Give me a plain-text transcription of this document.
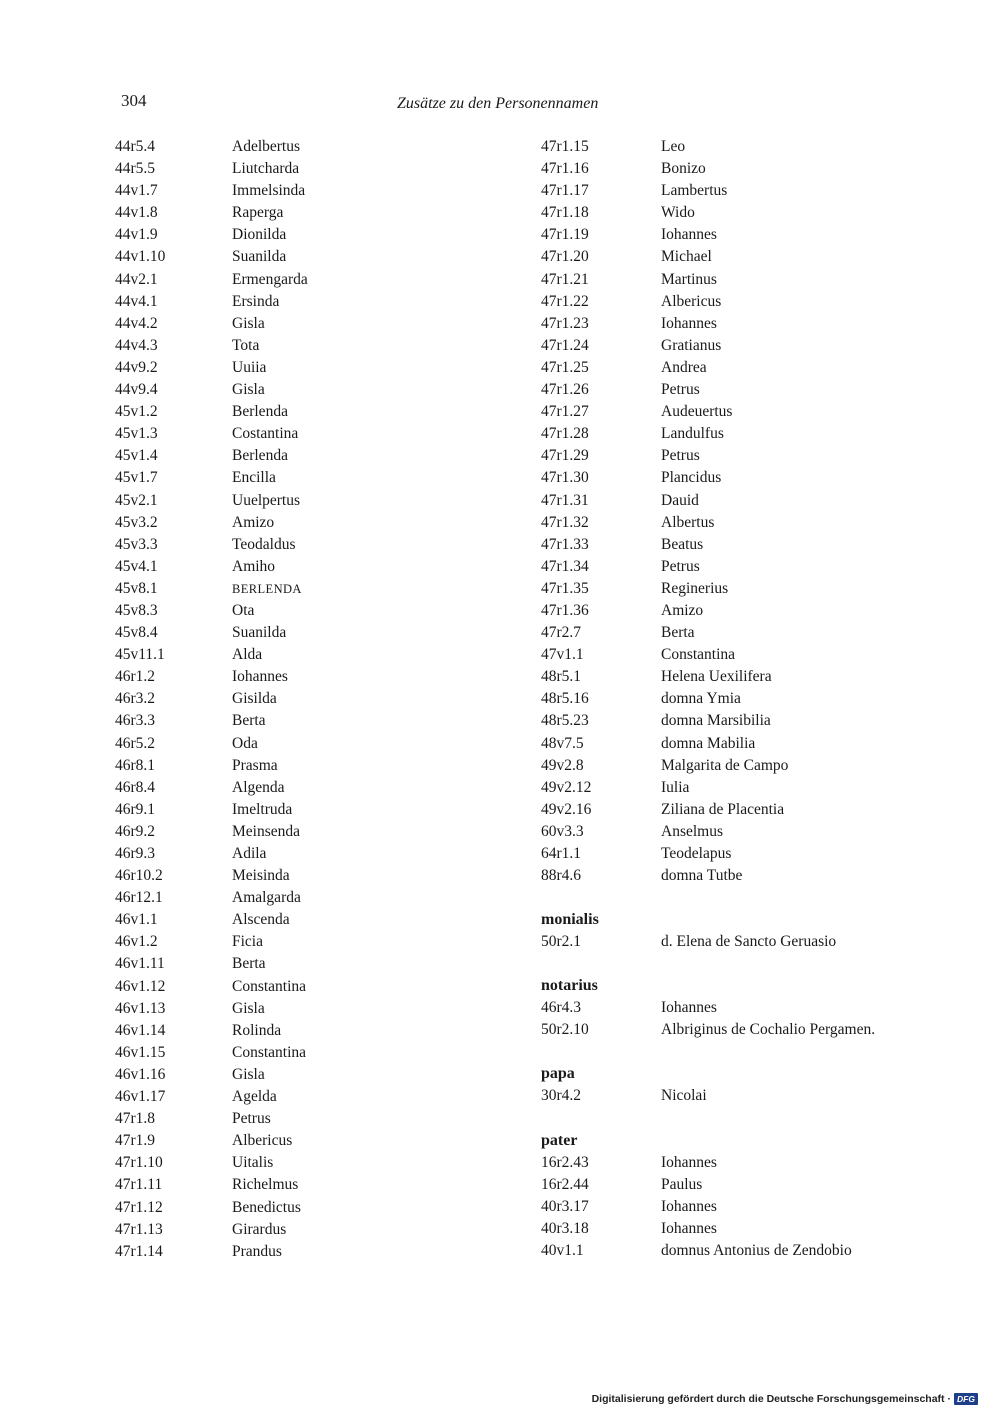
304	Zusätze zu den Personennamen
44r5.4	Adelbertus
44r5.5	Liutcharda
44v1.7	Immelsinda
44v1.8	Raperga
44v1.9	Dionilda
44v1.10	Suanilda
44v2.1	Ermengarda
44v4.1	Ersinda
44v4.2	Gisla
44v4.3	Tota
44v9.2	Uuiia
44v9.4	Gisla
45v1.2	Berlenda
45v1.3	Costantina
45v1.4	Berlenda
45v1.7	Encilla
45v2.1	Uuelpertus
45v3.2	Amizo
45v3.3	Teodaldus
45v4.1	Amiho
45v8.1	BERLENDA
45v8.3	Ota
45v8.4	Suanilda
45v11.1	Alda
46r1.2	Iohannes
46r3.2	Gisilda
46r3.3	Berta
46r5.2	Oda
46r8.1	Prasma
46r8.4	Algenda
46r9.1	Imeltruda
46r9.2	Meinsenda
46r9.3	Adila
46r10.2	Meisinda
46r12.1	Amalgarda
46v1.1	Alscenda
46v1.2	Ficia
46v1.11	Berta
46v1.12	Constantina
46v1.13	Gisla
46v1.14	Rolinda
46v1.15	Constantina
46v1.16	Gisla
46v1.17	Agelda
47r1.8	Petrus
47r1.9	Albericus
47r1.10	Uitalis
47r1.11	Richelmus
47r1.12	Benedictus
47r1.13	Girardus
47r1.14	Prandus
47r1.15	Leo
47r1.16	Bonizo
47r1.17	Lambertus
47r1.18	Wido
47r1.19	Iohannes
47r1.20	Michael
47r1.21	Martinus
47r1.22	Albericus
47r1.23	Iohannes
47r1.24	Gratianus
47r1.25	Andrea
47r1.26	Petrus
47r1.27	Audeuertus
47r1.28	Landulfus
47r1.29	Petrus
47r1.30	Plancidus
47r1.31	Dauid
47r1.32	Albertus
47r1.33	Beatus
47r1.34	Petrus
47r1.35	Reginerius
47r1.36	Amizo
47r2.7	Berta
47v1.1	Constantina
48r5.1	Helena Uexilifera
48r5.16	domna Ymia
48r5.23	domna Marsibilia
48v7.5	domna Mabilia
49v2.8	Malgarita de Campo
49v2.12	Iulia
49v2.16	Ziliana de Placentia
60v3.3	Anselmus
64r1.1	Teodelapus
88r4.6	domna Tutbe
monialis
50r2.1	d. Elena de Sancto Geruasio
notarius
46r4.3	Iohannes
50r2.10	Albriginus de Cochalio Pergamen.
papa
30r4.2	Nicolai
pater
16r2.43	Iohannes
16r2.44	Paulus
40r3.17	Iohannes
40r3.18	Iohannes
40v1.1	domnus Antonius de Zendobio
Digitalisierung gefördert durch die Deutsche Forschungsgemeinschaft · DFG
